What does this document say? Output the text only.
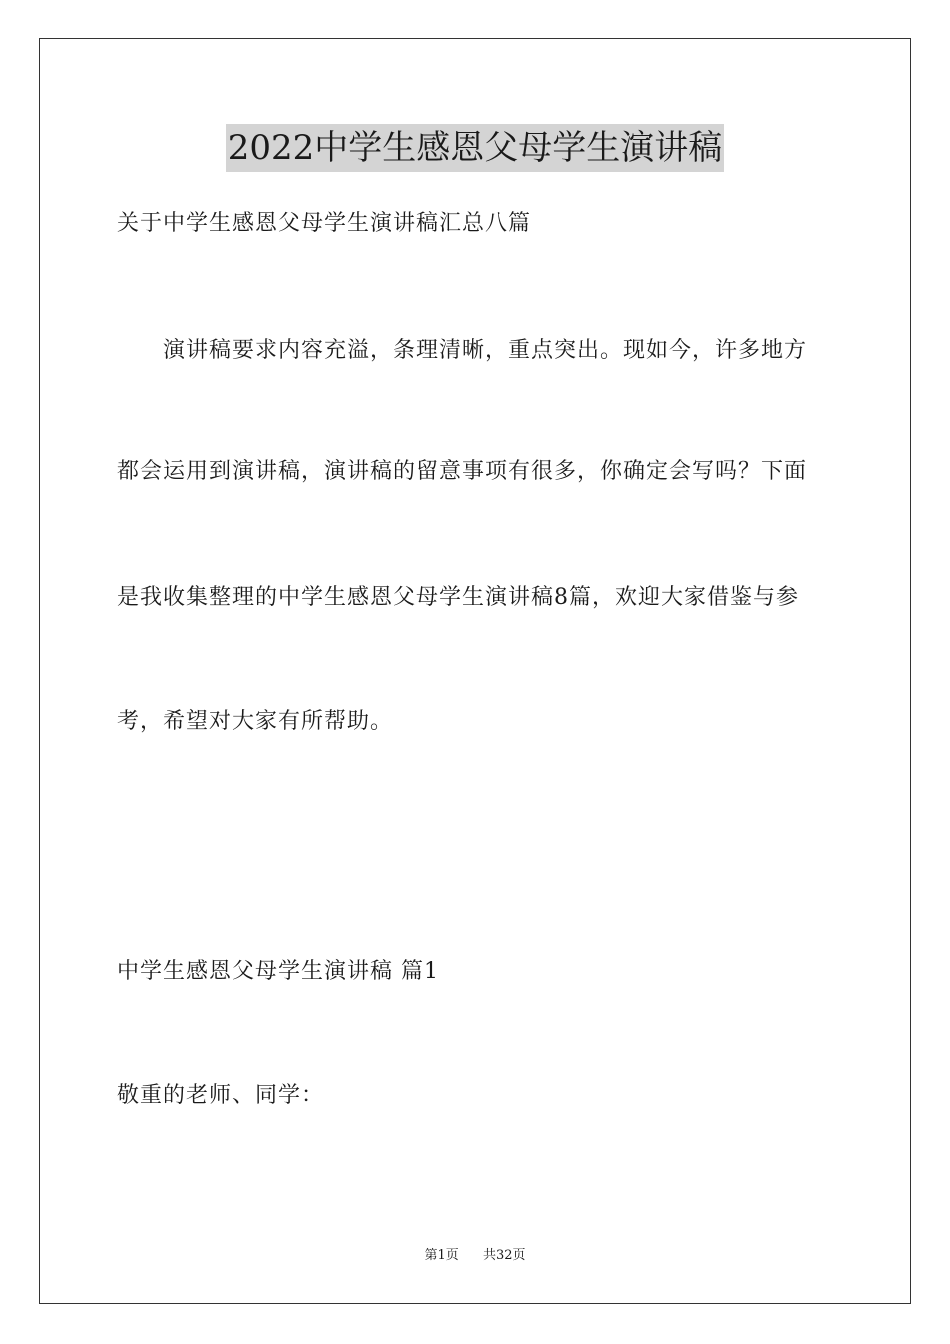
2022中学生感恩父母学生演讲稿
关于中学生感恩父母学生演讲稿汇总八篇
演讲稿要求内容充溢，条理清晰，重点突出。现如今，许多地方
都会运用到演讲稿，演讲稿的留意事项有很多，你确定会写吗？下面
是我收集整理的中学生感恩父母学生演讲稿8篇，欢迎大家借鉴与参
考，希望对大家有所帮助。
中学生感恩父母学生演讲稿 篇1
敬重的老师、同学：
第1页 共32页
